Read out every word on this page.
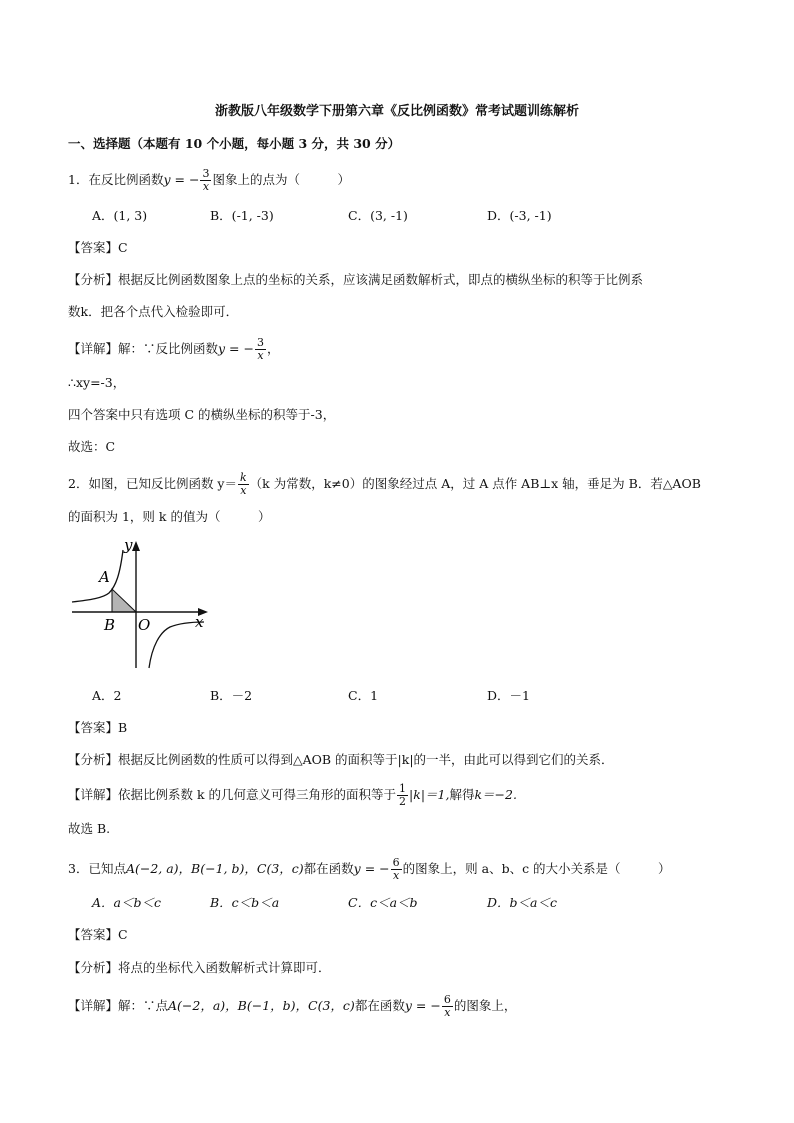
浙教版八年级数学下册第六章《反比例函数》常考试题训练解析
一、选择题（本题有 10 个小题，每小题 3 分，共 30 分）
1．在反比例函数y = − $\frac{3}{x}$ 图象上的点为（　　　）
A．(1, 3)	B．(-1, -3)	C．(3, -1)	D．(-3, -1)
【答案】C
【分析】根据反比例函数图象上点的坐标的关系，应该满足函数解析式，即点的横纵坐标的积等于比例系
数k．把各个点代入检验即可．
【详解】解：∵反比例函数y = − $\frac{3}{x}$ ，
∴xy=-3，
四个答案中只有选项 C 的横纵坐标的积等于-3，
故选：C
2．如图，已知反比例函数 $y= \frac{k}{x} (k$ 为常数，k≠0）的图象经过点 A，过 A 点作 AB⊥x 轴，垂足为 B．若△AOB
的面积为 1，则 k 的值为（　　　）
y
x
A
B O
A．2	B．－2	C．1	D．－1
【答案】B
【分析】根据反比例函数的性质可以得到△AOB 的面积等于|k|的一半，由此可以得到它们的关系．
【详解】依据比例系数 k 的几何意义可得三角形的面积等于 $\frac{1}{2} |k|=1$,解得k＝−2.
故选 B.
3．已知点A(−2, a)，B(−1, b)，C(3，c)都在函数y = − $\frac{6}{x}$ 的图象上，则 a、b、c 的大小关系是（　　　）
A．a＜b＜c	B．c＜b＜a	C．c＜a＜b	D．b＜a＜c
【答案】C
【分析】将点的坐标代入函数解析式计算即可．
【详解】解：∵点A(−2，a)，B(−1，b)，C(3，c)都在函数y = − $\frac{6}{x}$ 的图象上，
